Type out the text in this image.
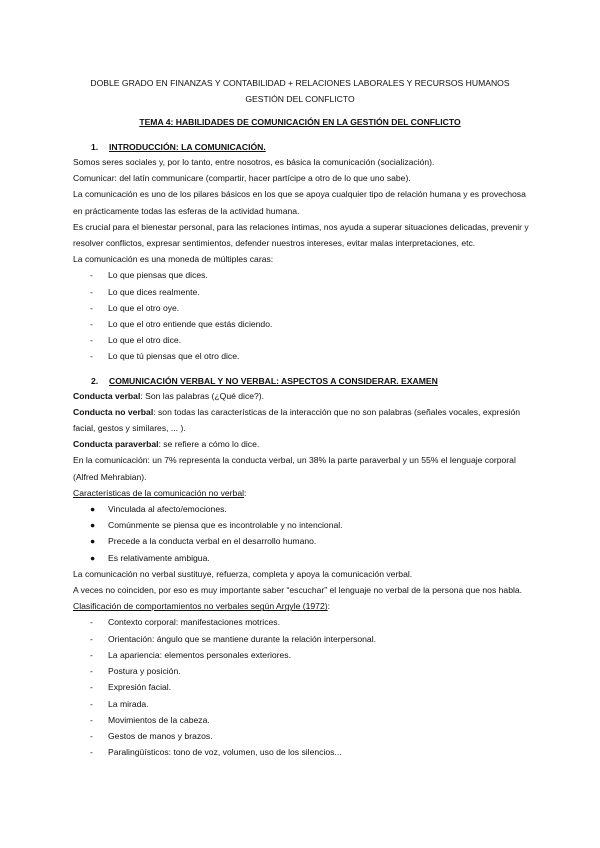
DOBLE GRADO EN FINANZAS Y CONTABILIDAD + RELACIONES LABORALES Y RECURSOS HUMANOS
GESTIÓN DEL CONFLICTO
TEMA 4: HABILIDADES DE COMUNICACIÓN EN LA GESTIÓN DEL CONFLICTO
1. INTRODUCCIÓN: LA COMUNICACIÓN.
Somos seres sociales y, por lo tanto, entre nosotros, es básica la comunicación (socialización).
Comunicar: del latín communicare (compartir, hacer partícipe a otro de lo que uno sabe).
La comunicación es uno de los pilares básicos en los que se apoya cualquier tipo de relación humana y es provechosa en prácticamente todas las esferas de la actividad humana.
Es crucial para el bienestar personal, para las relaciones íntimas, nos ayuda a superar situaciones delicadas, prevenir y resolver conflictos, expresar sentimientos, defender nuestros intereses, evitar malas interpretaciones, etc.
La comunicación es una moneda de múltiples caras:
- Lo que piensas que dices.
- Lo que dices realmente.
- Lo que el otro oye.
- Lo que el otro entiende que estás diciendo.
- Lo que el otro dice.
- Lo que tú piensas que el otro dice.
2. COMUNICACIÓN VERBAL Y NO VERBAL: ASPECTOS A CONSIDERAR. EXAMEN
Conducta verbal: Son las palabras (¿Qué dice?).
Conducta no verbal: son todas las características de la interacción que no son palabras (señales vocales, expresión facial, gestos y similares, ... ).
Conducta paraverbal: se refiere a cómo lo dice.
En la comunicación: un 7% representa la conducta verbal, un 38% la parte paraverbal y un 55% el lenguaje corporal (Alfred Mehrabian).
Características de la comunicación no verbal:
● Vinculada al afecto/emociones.
● Comúnmente se piensa que es incontrolable y no intencional.
● Precede a la conducta verbal en el desarrollo humano.
● Es relativamente ambigua.
La comunicación no verbal sustituye, refuerza, completa y apoya la comunicación verbal.
A veces no coinciden, por eso es muy importante saber “escuchar” el lenguaje no verbal de la persona que nos habla.
Clasificación de comportamientos no verbales según Argyle (1972):
- Contexto corporal: manifestaciones motrices.
- Orientación: ángulo que se mantiene durante la relación interpersonal.
- La apariencia: elementos personales exteriores.
- Postura y posición.
- Expresión facial.
- La mirada.
- Movimientos de la cabeza.
- Gestos de manos y brazos.
- Paralingüísticos: tono de voz, volumen, uso de los silencios...
